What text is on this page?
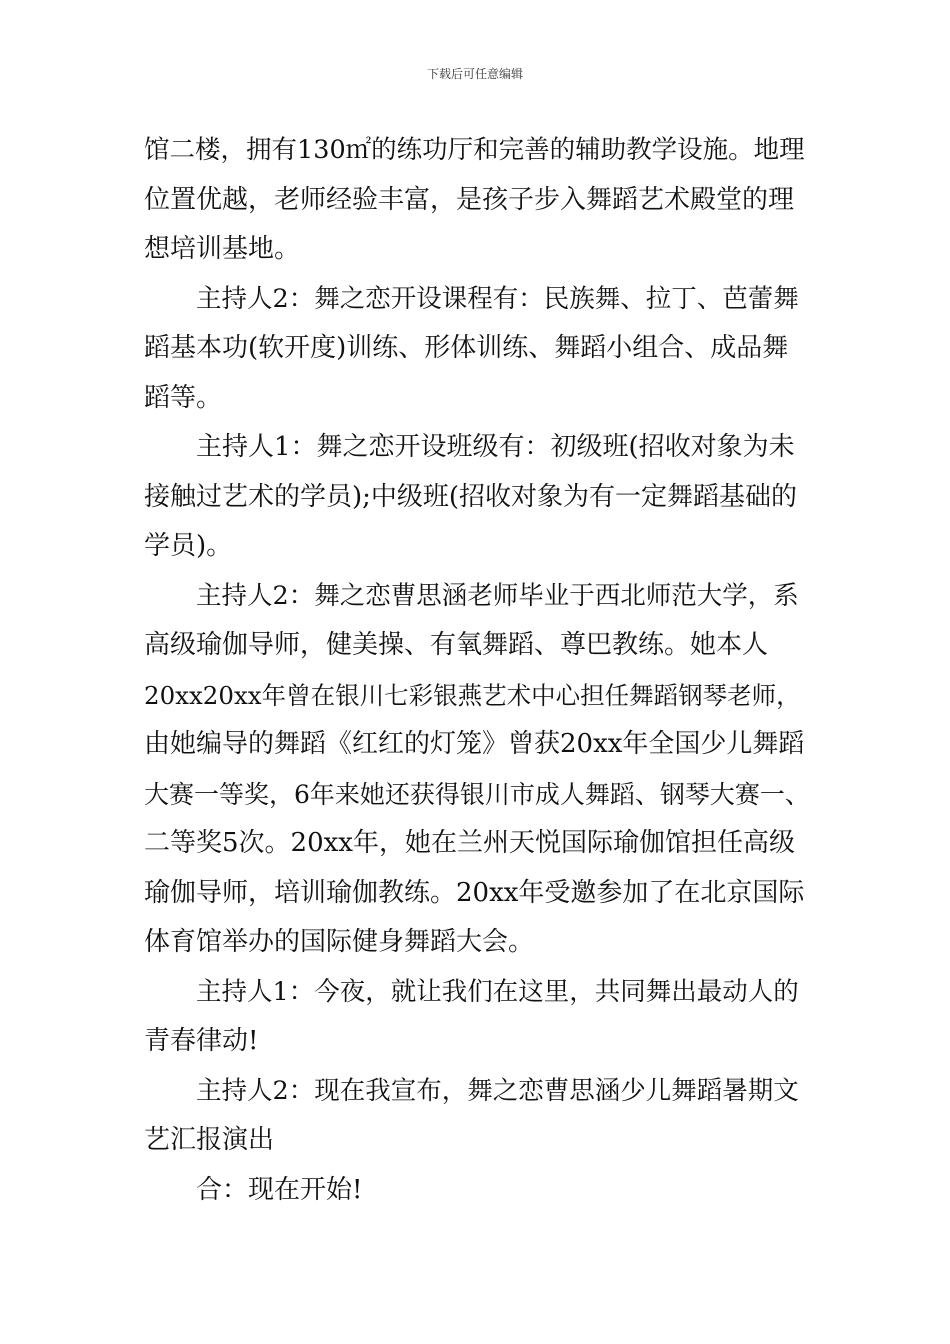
下载后可任意编辑
馆二楼，拥有130㎡的练功厅和完善的辅助教学设施。地理
位置优越，老师经验丰富，是孩子步入舞蹈艺术殿堂的理
想培训基地。
主持人2：舞之恋开设课程有：民族舞、拉丁、芭蕾舞
蹈基本功(软开度)训练、形体训练、舞蹈小组合、成品舞
蹈等。
主持人1：舞之恋开设班级有：初级班(招收对象为未
接触过艺术的学员);中级班(招收对象为有一定舞蹈基础的
学员)。
主持人2：舞之恋曹思涵老师毕业于西北师范大学，系
高级瑜伽导师，健美操、有氧舞蹈、尊巴教练。她本人
20xx20xx年曾在银川七彩银燕艺术中心担任舞蹈钢琴老师，
由她编导的舞蹈《红红的灯笼》曾获20xx年全国少儿舞蹈
大赛一等奖，6年来她还获得银川市成人舞蹈、钢琴大赛一、
二等奖5次。20xx年，她在兰州天悦国际瑜伽馆担任高级
瑜伽导师，培训瑜伽教练。20xx年受邀参加了在北京国际
体育馆举办的国际健身舞蹈大会。
主持人1：今夜，就让我们在这里，共同舞出最动人的
青春律动!
主持人2：现在我宣布，舞之恋曹思涵少儿舞蹈暑期文
艺汇报演出
合：现在开始!
